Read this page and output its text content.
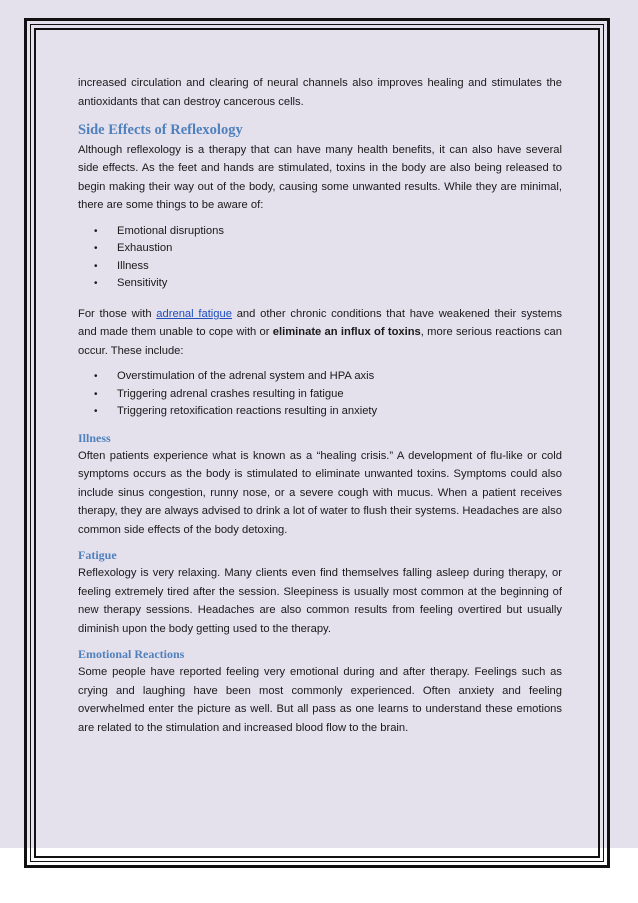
increased circulation and clearing of neural channels also improves healing and stimulates the antioxidants that can destroy cancerous cells.

Side Effects of Reflexology

Although reflexology is a therapy that can have many health benefits, it can also have several side effects. As the feet and hands are stimulated, toxins in the body are also being released to begin making their way out of the body, causing some unwanted results. While they are minimal, there are some things to be aware of:

• Emotional disruptions
• Exhaustion
• Illness
• Sensitivity

For those with adrenal fatigue and other chronic conditions that have weakened their systems and made them unable to cope with or eliminate an influx of toxins, more serious reactions can occur. These include:

• Overstimulation of the adrenal system and HPA axis
• Triggering adrenal crashes resulting in fatigue
• Triggering retoxification reactions resulting in anxiety
Illness

Often patients experience what is known as a “healing crisis.” A development of flu-like or cold symptoms occurs as the body is stimulated to eliminate unwanted toxins. Symptoms could also include sinus congestion, runny nose, or a severe cough with mucus. When a patient receives therapy, they are always advised to drink a lot of water to flush their systems. Headaches are also common side effects of the body detoxing.

Fatigue

Reflexology is very relaxing. Many clients even find themselves falling asleep during therapy, or feeling extremely tired after the session. Sleepiness is usually most common at the beginning of new therapy sessions. Headaches are also common results from feeling overtired but usually diminish upon the body getting used to the therapy.

Emotional Reactions

Some people have reported feeling very emotional during and after therapy. Feelings such as crying and laughing have been most commonly experienced. Often anxiety and feeling overwhelmed enter the picture as well. But all pass as one learns to understand these emotions are related to the stimulation and increased blood flow to the brain.
